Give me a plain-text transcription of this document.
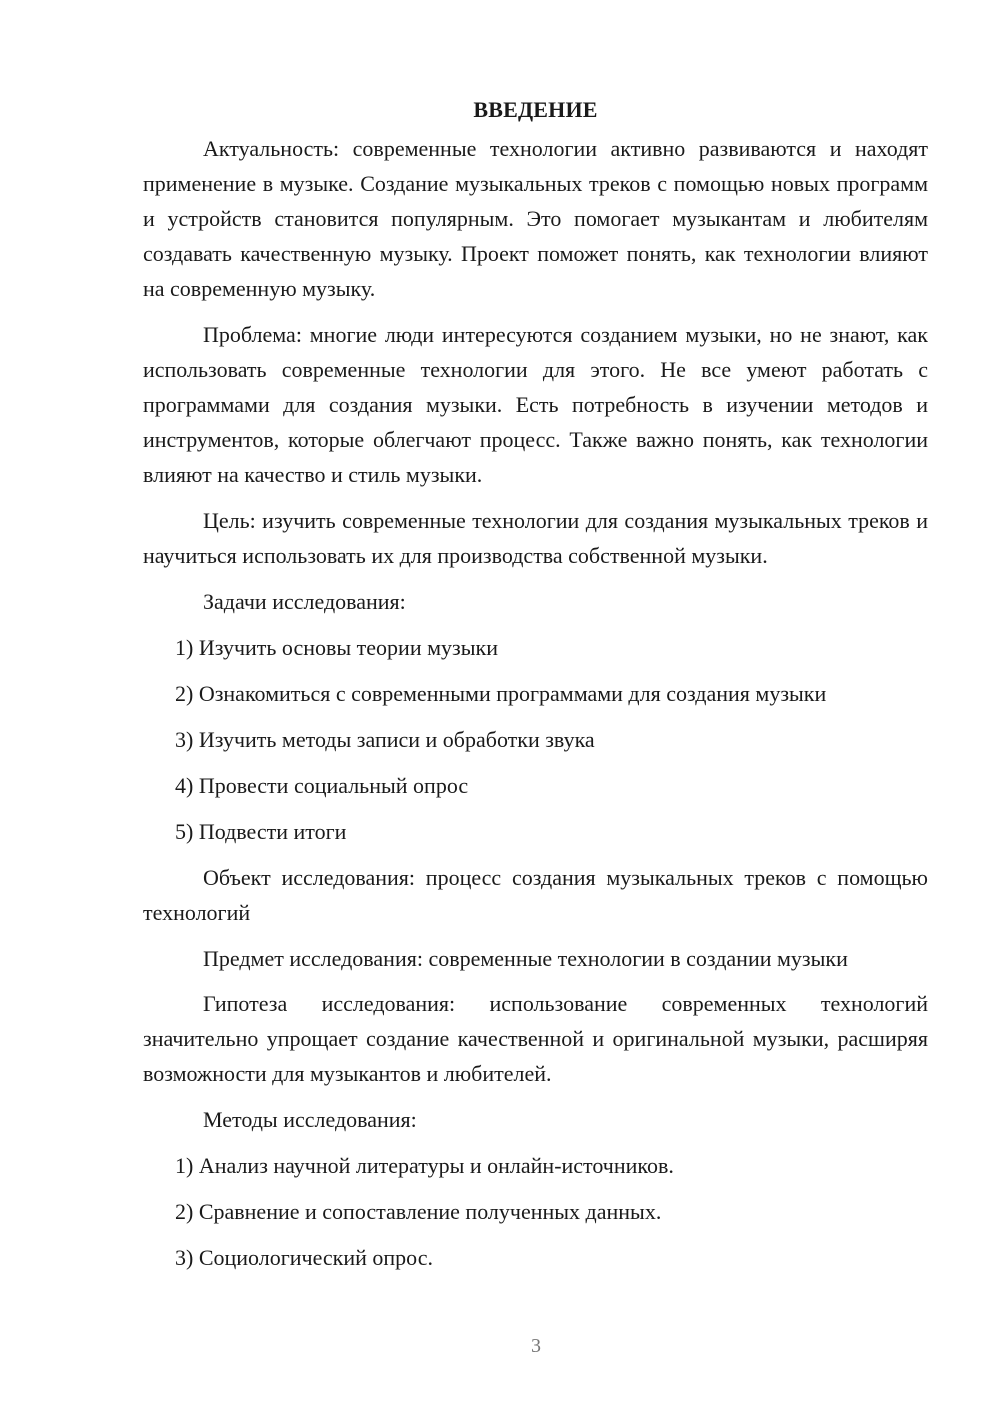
ВВЕДЕНИЕ
Актуальность: современные технологии активно развиваются и находят применение в музыке. Создание музыкальных треков с помощью новых программ и устройств становится популярным. Это помогает музыкантам и любителям создавать качественную музыку. Проект поможет понять, как технологии влияют на современную музыку.
Проблема: многие люди интересуются созданием музыки, но не знают, как использовать современные технологии для этого. Не все умеют работать с программами для создания музыки. Есть потребность в изучении методов и инструментов, которые облегчают процесс. Также важно понять, как технологии влияют на качество и стиль музыки.
Цель: изучить современные технологии для создания музыкальных треков и научиться использовать их для производства собственной музыки.
Задачи исследования:
1) Изучить основы теории музыки
2) Ознакомиться с современными программами для создания музыки
3) Изучить методы записи и обработки звука
4) Провести социальный опрос
5) Подвести итоги
Объект исследования: процесс создания музыкальных треков с помощью технологий
Предмет исследования: современные технологии в создании музыки
Гипотеза исследования: использование современных технологий значительно упрощает создание качественной и оригинальной музыки, расширяя возможности для музыкантов и любителей.
Методы исследования:
1) Анализ научной литературы и онлайн-источников.
2) Сравнение и сопоставление полученных данных.
3) Социологический опрос.
3
